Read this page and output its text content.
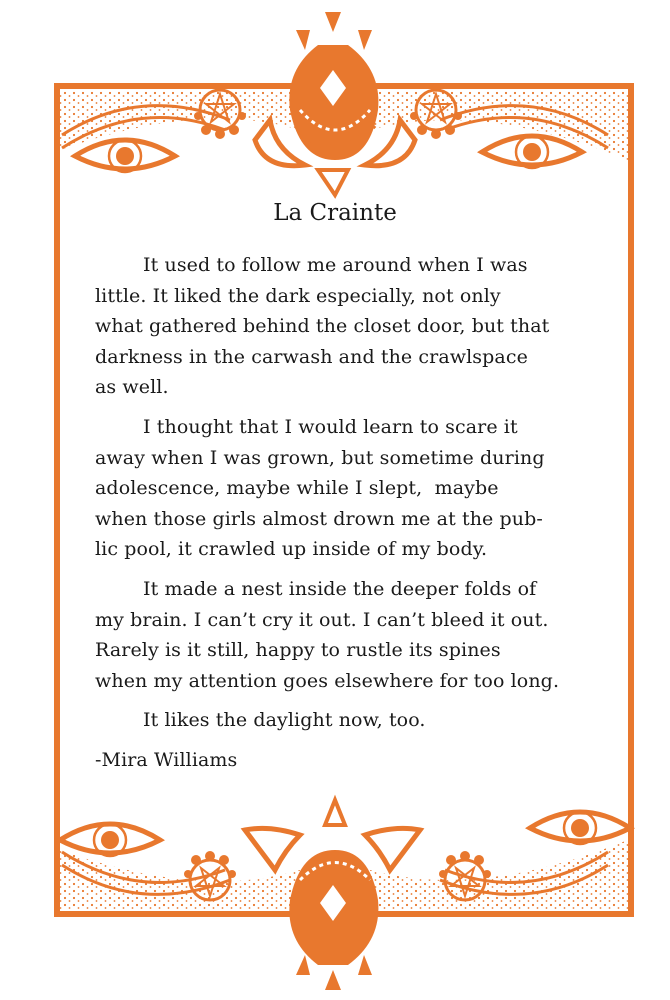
La Crainte

It used to follow me around when I was
little. It liked the dark especially, not only
what gathered behind the closet door, but that
darkness in the carwash and the crawlspace
as well.

I thought that I would learn to scare it
away when I was grown, but sometime during
adolescence, maybe while I slept,  maybe
when those girls almost drown me at the pub-
lic pool, it crawled up inside of my body.

It made a nest inside the deeper folds of
my brain. I can’t cry it out. I can’t bleed it out.
Rarely is it still, happy to rustle its spines
when my attention goes elsewhere for too long.

It likes the daylight now, too.

-Mira Williams
